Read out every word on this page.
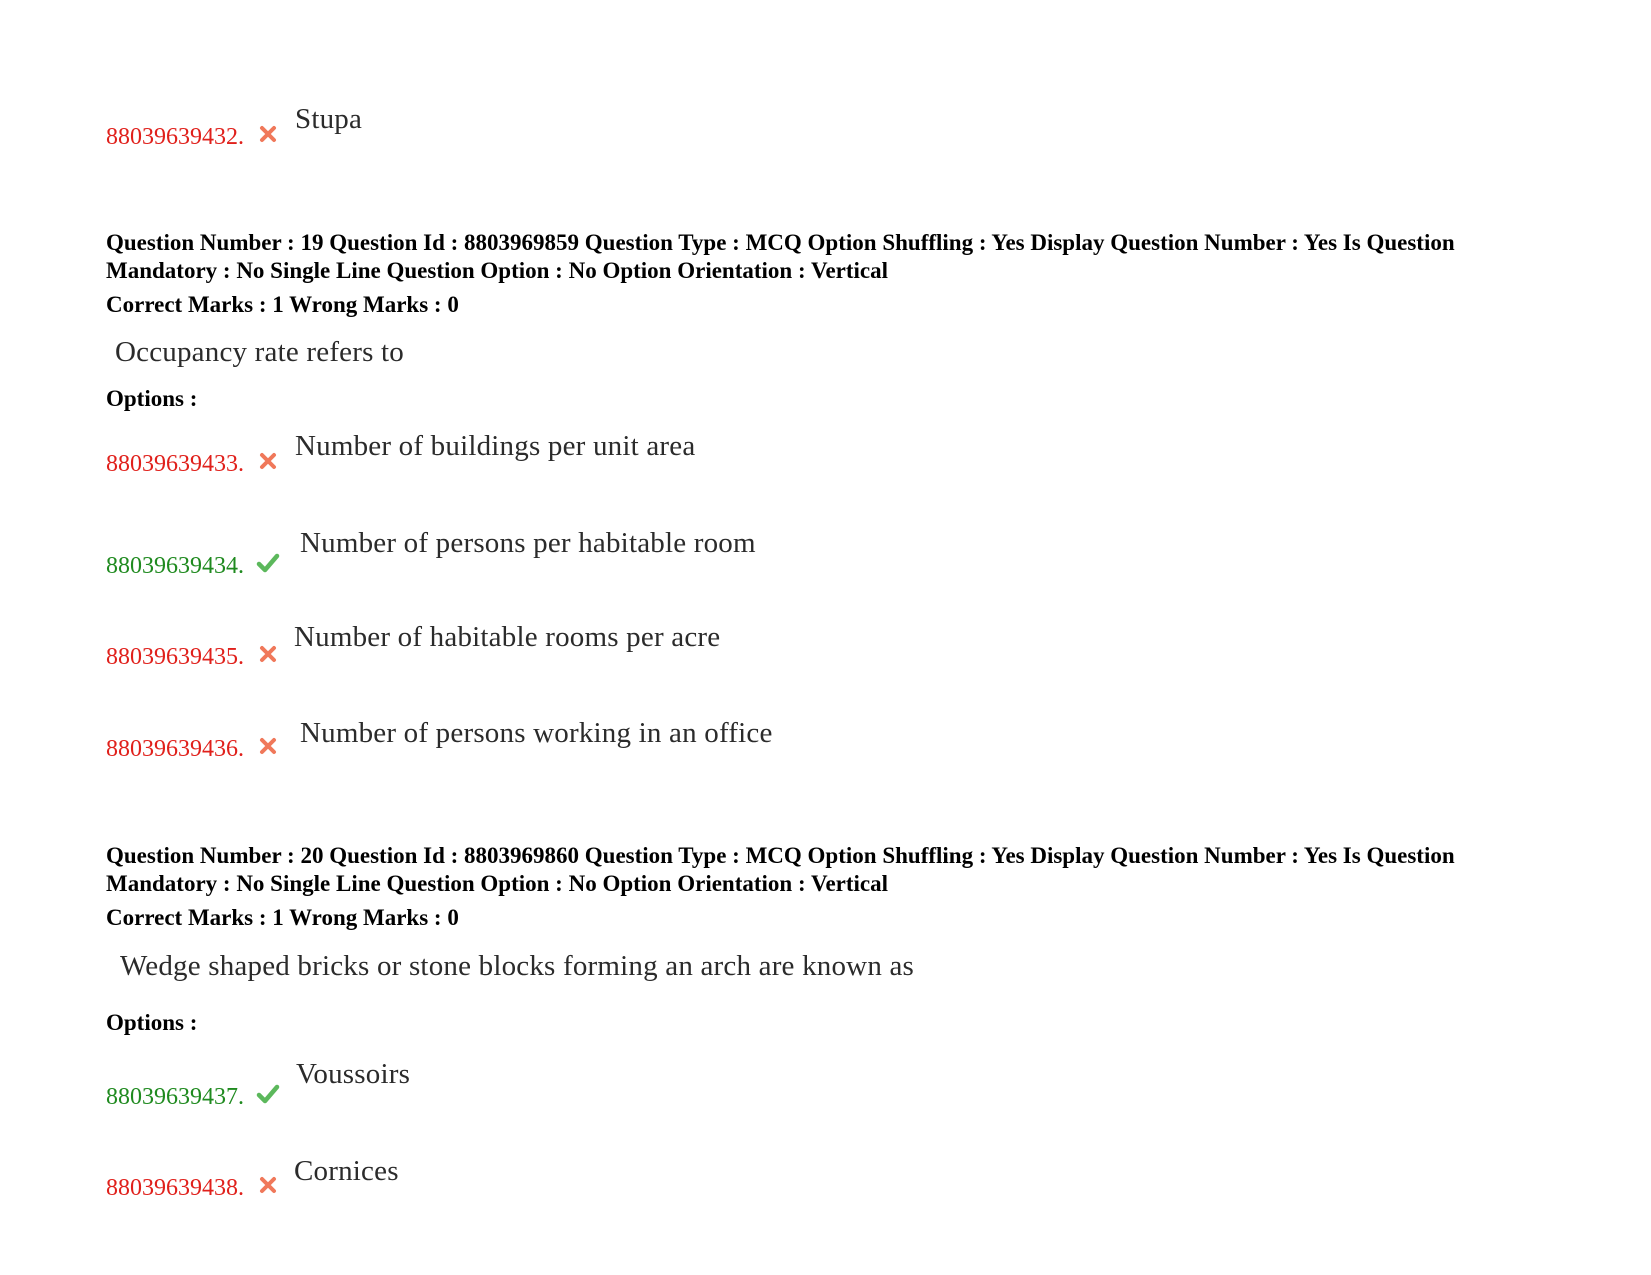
88039639432.
Stupa
Question Number : 19 Question Id : 8803969859 Question Type : MCQ Option Shuffling : Yes Display Question Number : Yes Is Question Mandatory : No Single Line Question Option : No Option Orientation : Vertical
Correct Marks : 1 Wrong Marks : 0
Occupancy rate refers to
Options :
88039639433.
Number of buildings per unit area
88039639434.
Number of persons per habitable room
88039639435.
Number of habitable rooms per acre
88039639436. Number of persons working in an office
Question Number : 20 Question Id : 8803969860 Question Type : MCQ Option Shuffling : Yes Display Question Number : Yes Is Question Mandatory : No Single Line Question Option : No Option Orientation : Vertical
Correct Marks : 1 Wrong Marks : 0
Wedge shaped bricks or stone blocks forming an arch are known as
Options :
88039639437.
Voussoirs
88039639438.
Cornices
